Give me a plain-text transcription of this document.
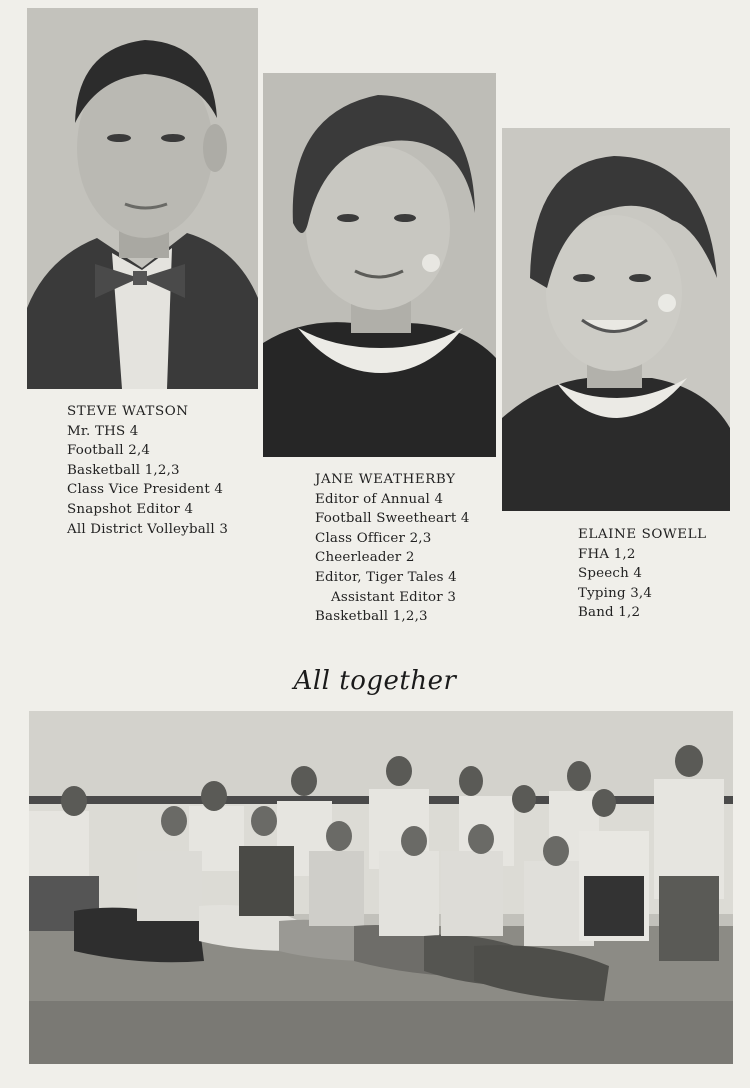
STEVE WATSON
Mr. THS 4
Football 2,4
Basketball 1,2,3
Class Vice President 4
Snapshot Editor 4
All District Volleyball 3
JANE WEATHERBY
Editor of Annual 4
Football Sweetheart 4
Class Officer 2,3
Cheerleader 2
Editor, Tiger Tales 4
Assistant Editor 3
Basketball 1,2,3
ELAINE SOWELL
FHA 1,2
Speech 4
Typing 3,4
Band 1,2
All together
